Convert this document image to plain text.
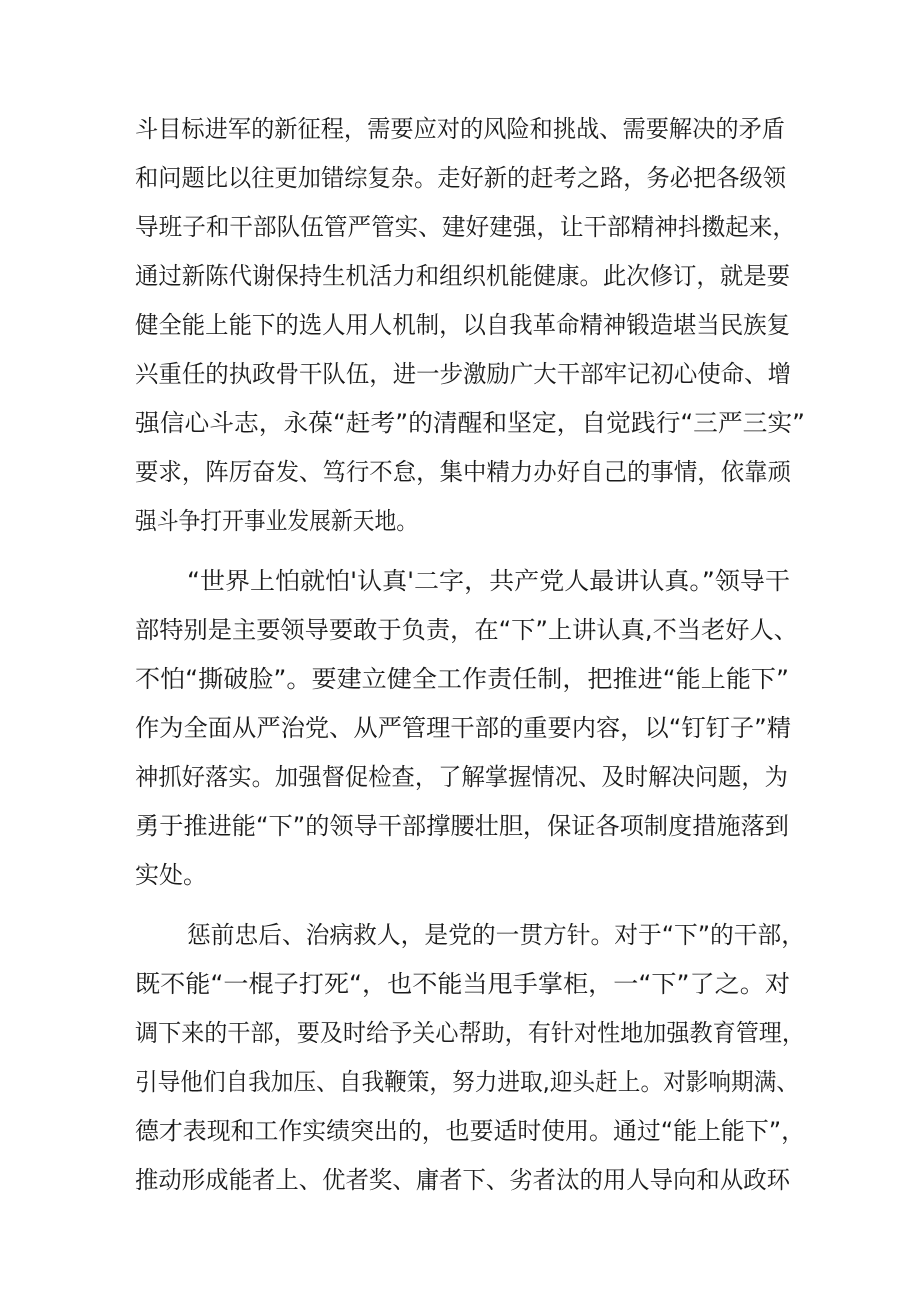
斗目标进军的新征程，需要应对的风险和挑战、需要解决的矛盾
和问题比以往更加错综复杂。走好新的赶考之路，务必把各级领
导班子和干部队伍管严管实、建好建强，让干部精神抖擞起来，
通过新陈代谢保持生机活力和组织机能健康。此次修订，就是要
健全能上能下的选人用人机制，以自我革命精神锻造堪当民族复
兴重任的执政骨干队伍，进一步激励广大干部牢记初心使命、增
强信心斗志，永葆“赶考”的清醒和坚定，自觉践行“三严三实”
要求，阵厉奋发、笃行不怠，集中精力办好自己的事情，依靠顽
强斗争打开事业发展新天地。
“世界上怕就怕'认真'二字，共产党人最讲认真。”领导干
部特别是主要领导要敢于负责，在“下”上讲认真,不当老好人、
不怕“撕破脸”。要建立健全工作责任制，把推进“能上能下”
作为全面从严治党、从严管理干部的重要内容，以“钉钉子”精
神抓好落实。加强督促检查，了解掌握情况、及时解决问题，为
勇于推进能“下”的领导干部撑腰壮胆，保证各项制度措施落到
实处。
惩前忠后、治病救人，是党的一贯方针。对于“下”的干部，
既不能“一棍子打死“，也不能当甩手掌柜，一“下”了之。对
调下来的干部，要及时给予关心帮助，有针对性地加强教育管理，
引导他们自我加压、自我鞭策，努力进取,迎头赶上。对影响期满、
德才表现和工作实绩突出的，也要适时使用。通过“能上能下”，
推动形成能者上、优者奖、庸者下、劣者汰的用人导向和从政环
